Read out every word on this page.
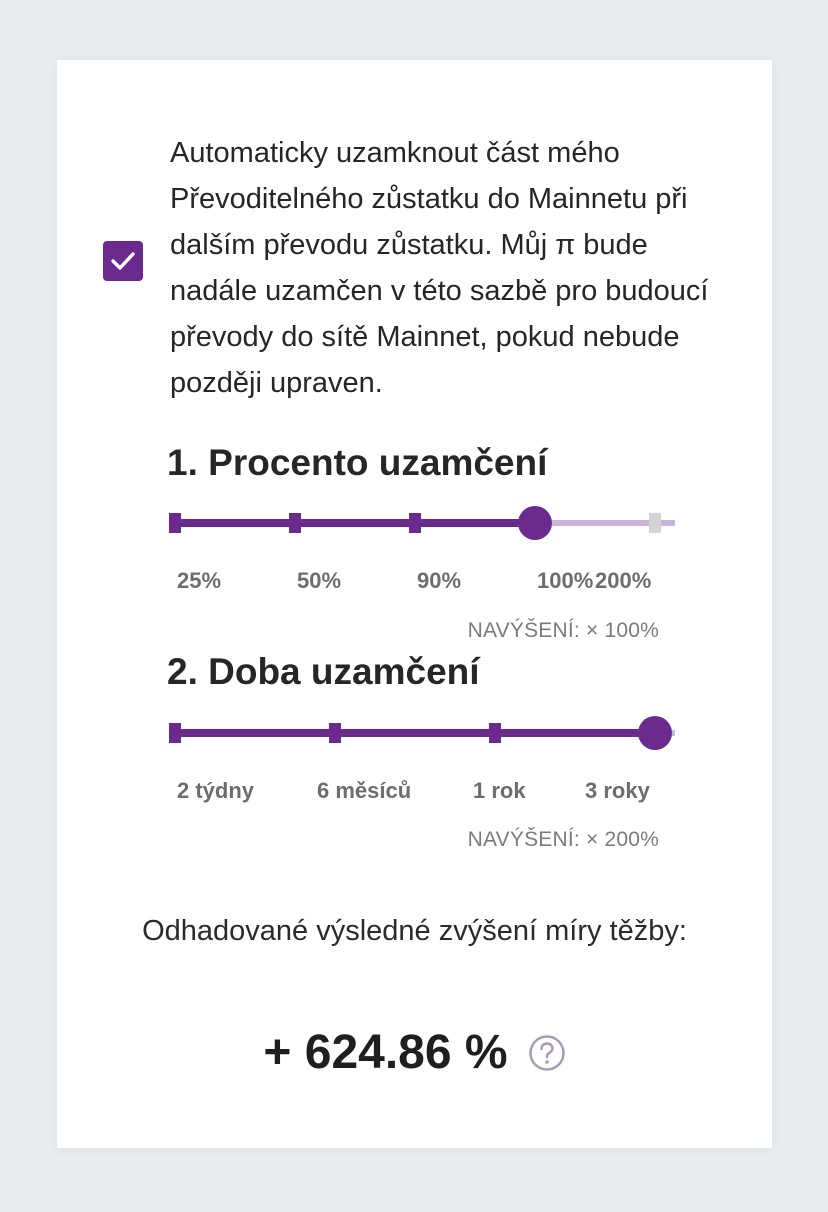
Automaticky uzamknout část mého Převoditelného zůstatku do Mainnetu při dalším převodu zůstatku. Můj π bude nadále uzamčen v této sazbě pro budoucí převody do sítě Mainnet, pokud nebude později upraven.

1. Procento uzamčení
25%	50%	90%	100% 200%
NAVÝŠENÍ: × 100%
2. Doba uzamčení
2 týdny	6 měsíců	1 rok	3 roky
NAVÝŠENÍ: × 200%

Odhadované výsledné zvýšení míry těžby:

+ 624.86 %
